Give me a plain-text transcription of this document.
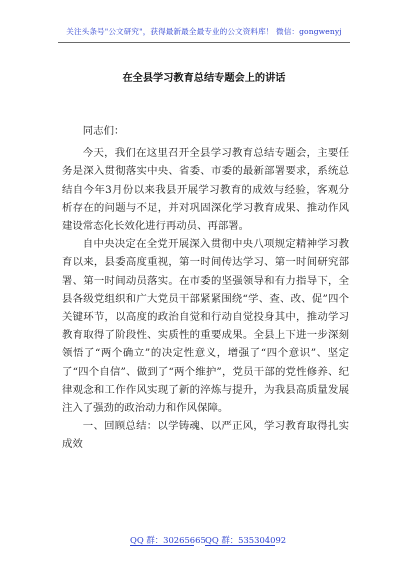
关注头条号"公文研究"，获得最新最全最专业的公文资料库！ 微信：gongwenyj
在全县学习教育总结专题会上的讲话

同志们：

今天，我们在这里召开全县学习教育总结专题会，主要任务是深入贯彻落实中央、省委、市委的最新部署要求，系统总结自今年3月份以来我县开展学习教育的成效与经验，客观分析存在的问题与不足，并对巩固深化学习教育成果、推动作风建设常态化长效化进行再动员、再部署。

自中央决定在全党开展深入贯彻中央八项规定精神学习教育以来，县委高度重视，第一时间传达学习、第一时间研究部署、第一时间动员落实。在市委的坚强领导和有力指导下，全县各级党组织和广大党员干部紧紧围绕“学、查、改、促”四个关键环节，以高度的政治自觉和行动自觉投身其中，推动学习教育取得了阶段性、实质性的重要成果。全县上下进一步深刻领悟了“两个确立”的决定性意义，增强了“四个意识”、坚定了“四个自信”、做到了“两个维护”，党员干部的党性修养、纪律观念和工作作风实现了新的淬炼与提升，为我县高质量发展注入了强劲的政治动力和作风保障。

一、回顾总结：以学铸魂、以严正风，学习教育取得扎实成效

QQ 群：30265665 QQ 群：535304092
